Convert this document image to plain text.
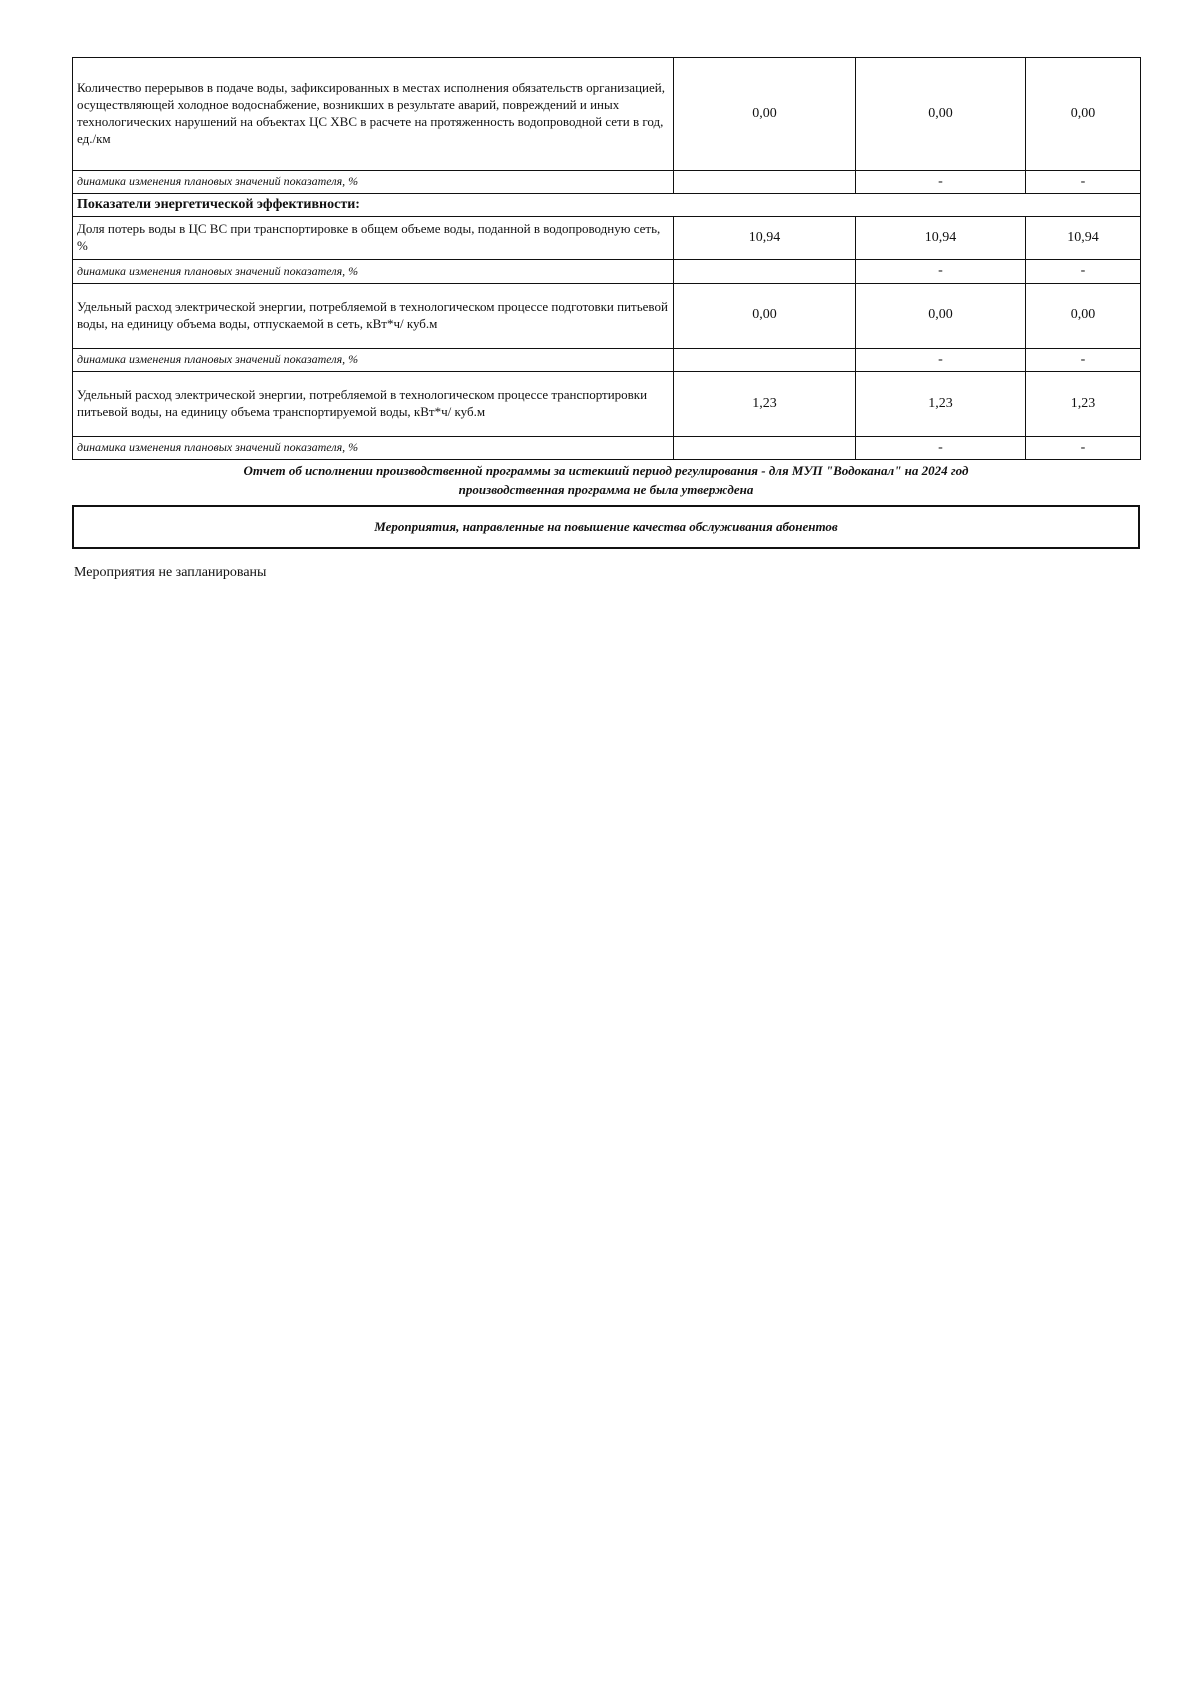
Количество перерывов в подаче воды, зафиксированных в местах исполнения обязательств организацией, осуществляющей холодное водоснабжение, возникших в результате аварий, повреждений и иных технологических нарушений на объектах ЦС ХВС в расчете на протяженность водопроводной сети в год, ед./км	0,00	0,00	0,00
динамика изменения плановых значений показателя, %		-	-
Показатели энергетической эффективности:			
Доля потерь воды в ЦС ВС при транспортировке в общем объеме воды, поданной в водопроводную сеть, %	10,94	10,94	10,94
динамика изменения плановых значений показателя, %		-	-
Удельный расход электрической энергии, потребляемой в технологическом процессе подготовки питьевой воды, на единицу объема воды, отпускаемой в сеть, кВт*ч/ куб.м	0,00	0,00	0,00
динамика изменения плановых значений показателя, %		-	-
Удельный расход электрической энергии, потребляемой в технологическом процессе транспортировки питьевой воды, на единицу объема транспортируемой воды, кВт*ч/ куб.м	1,23	1,23	1,23
динамика изменения плановых значений показателя, %		-	-
Отчет об исполнении производственной программы за истекший период регулирования - для МУП "Водоканал" на 2024 год
производственная программа не была утверждена
Мероприятия, направленные на повышение качества обслуживания абонентов
Мероприятия не запланированы
